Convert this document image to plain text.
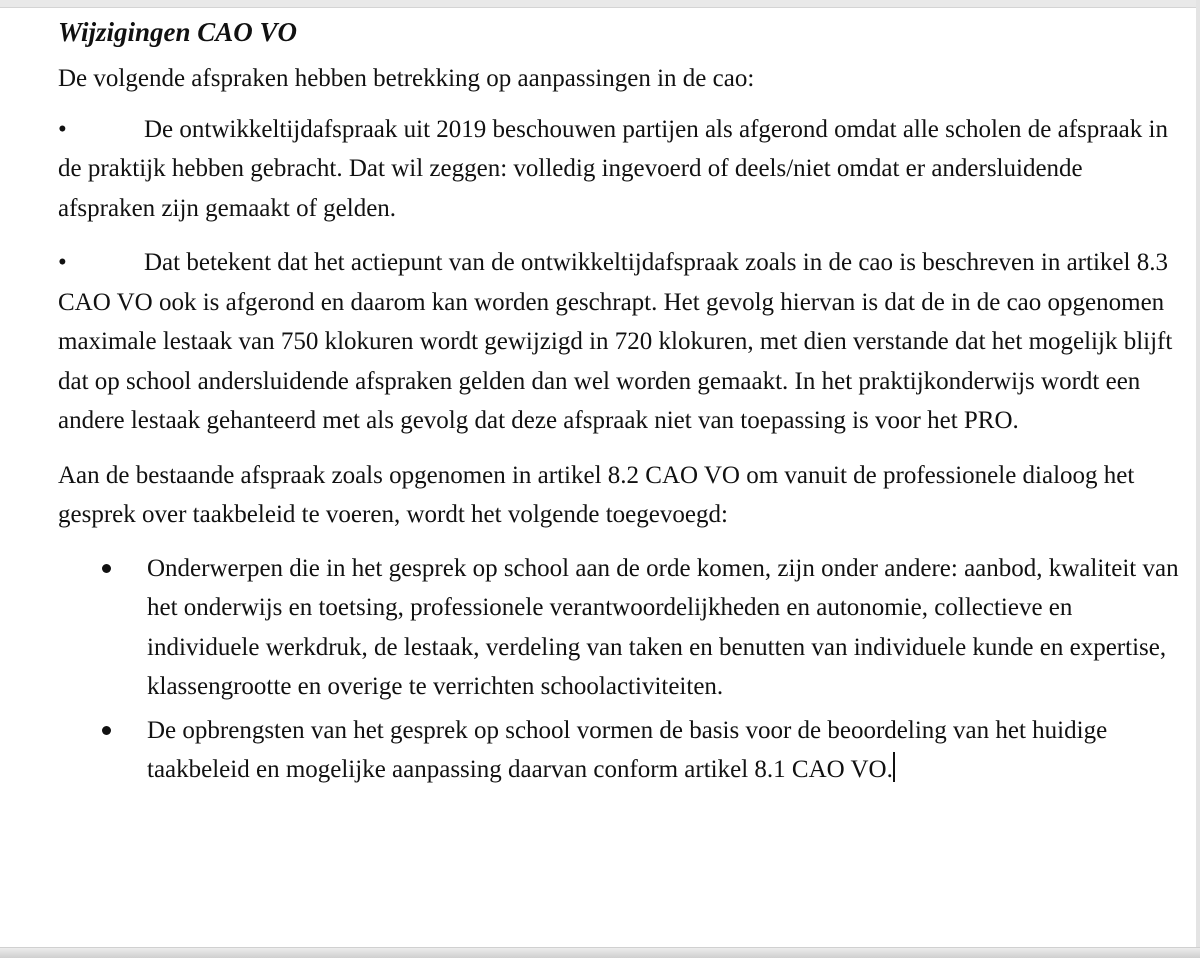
Wijzigingen CAO VO

De volgende afspraken hebben betrekking op aanpassingen in de cao:

•	De ontwikkeltijdafspraak uit 2019 beschouwen partijen als afgerond omdat alle scholen de afspraak in de praktijk hebben gebracht. Dat wil zeggen: volledig ingevoerd of deels/niet omdat er andersluidende afspraken zijn gemaakt of gelden.

•	Dat betekent dat het actiepunt van de ontwikkeltijdafspraak zoals in de cao is beschreven in artikel 8.3 CAO VO ook is afgerond en daarom kan worden geschrapt. Het gevolg hiervan is dat de in de cao opgenomen maximale lestaak van 750 klokuren wordt gewijzigd in 720 klokuren, met dien verstande dat het mogelijk blijft dat op school andersluidende afspraken gelden dan wel worden gemaakt. In het praktijkonderwijs wordt een andere lestaak gehanteerd met als gevolg dat deze afspraak niet van toepassing is voor het PRO.

Aan de bestaande afspraak zoals opgenomen in artikel 8.2 CAO VO om vanuit de professionele dialoog het gesprek over taakbeleid te voeren, wordt het volgende toegevoegd:

Onderwerpen die in het gesprek op school aan de orde komen, zijn onder andere: aanbod, kwaliteit van het onderwijs en toetsing, professionele verantwoordelijkheden en autonomie, collectieve en individuele werkdruk, de lestaak, verdeling van taken en benutten van individuele kunde en expertise, klassengrootte en overige te verrichten schoolactiviteiten.
De opbrengsten van het gesprek op school vormen de basis voor de beoordeling van het huidige taakbeleid en mogelijke aanpassing daarvan conform artikel 8.1 CAO VO.
